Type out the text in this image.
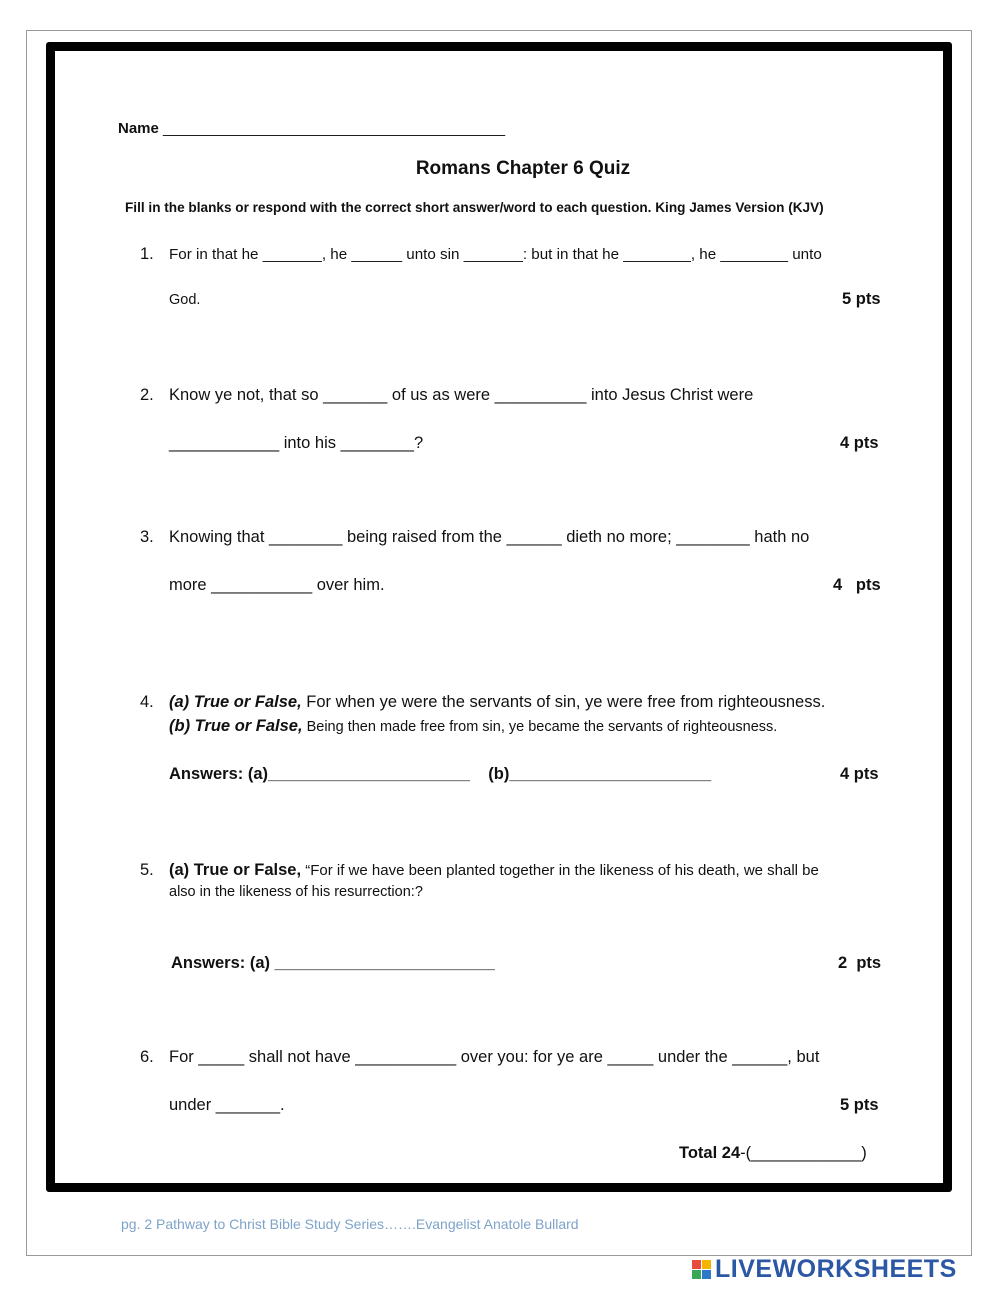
Name _________________________________________
Romans Chapter 6 Quiz
Fill in the blanks or respond with the correct short answer/word to each question. King James Version (KJV)
1. For in that he _______, he ______ unto sin _______: but in that he ________, he ________ unto
God.	5 pts
2. Know ye not, that so _______ of us as were __________ into Jesus Christ were
____________ into his ________?	4 pts
3. Knowing that ________ being raised from the ______ dieth no more; ________ hath no
more ___________ over him.	4   pts
4. (a) True or False, For when ye were the servants of sin, ye were free from righteousness.
(b) True or False, Being then made free from sin, ye became the servants of righteousness.
Answers: (a)______________________    (b)______________________	4 pts
5. (a) True or False, “For if we have been planted together in the likeness of his death, we shall be
also in the likeness of his resurrection:?
Answers: (a) ________________________	2  pts
6. For _____ shall not have ___________ over you: for ye are _____ under the ______, but
under _______.	5 pts
Total 24-(____________)
pg. 2 Pathway to Christ Bible Study Series…….Evangelist Anatole Bullard
LIVEWORKSHEETS
